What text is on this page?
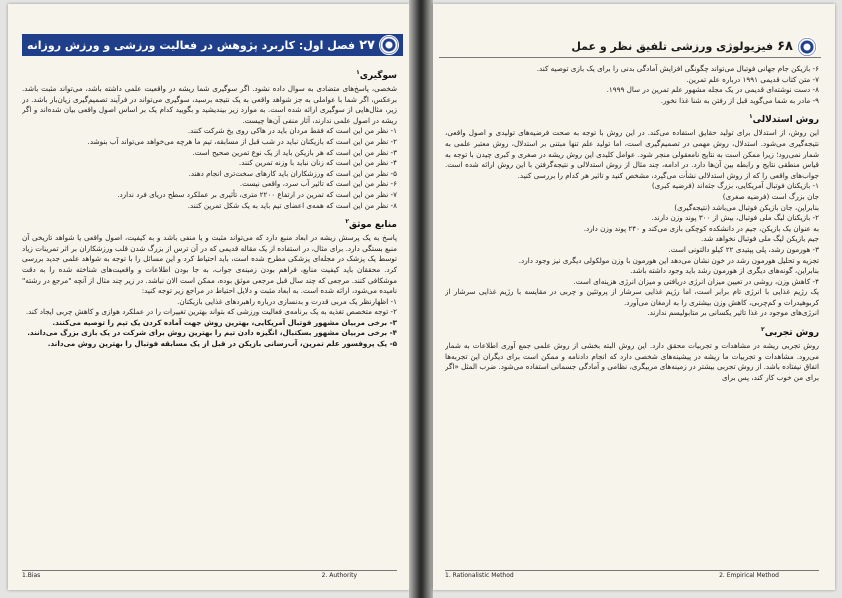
۲۷
فصل اول: کاربرد پژوهش در فعالیت ورزشی و ورزش روزانه
سوگیری$^۱$

شخصی، پاسخ‌های متضادی به سوال داده نشود. اگر سوگیری شما ریشه در واقعیت علمی داشته باشد، می‌تواند مثبت باشد. برعکس، اگر شما با عواملی به جز شواهد واقعی به یک نتیجه برسید، سوگیری می‌تواند در فرآیند تصمیم‌گیری زیان‌بار باشد. در زیر، مثال‌هایی از سوگیری ارائه شده است. به موارد زیر بیندیشید و بگویید کدام یک بر اساس اصول واقعی بیان شده‌اند و اگر ریشه در اصول علمی ندارند، آثار منفی آن‌ها چیست.

۱- نظر من این است که فقط مردان باید در هاکی روی یخ شرکت کنند.

۲- نظر من این است که بازیکنان نباید در شب قبل از مسابقه، تیم ما هرچه می‌خواهد می‌تواند آب بنوشد.

۳- نظر من این است که هر بازیکن باید از یک نوع تمرین صحیح است.

۴- نظر من این است که زنان نباید با وزنه تمرین کنند.

۵- نظر من این است که ورزشکاران باید کارهای سخت‌تری انجام دهند.

۶- نظر من این است که تاثیر آب سرد، واقعی نیست.

۷- نظر من این است که تمرین در ارتفاع ۲۲۰۰ متری، تأثیری بر عملکرد سطح دریای فرد ندارد.

۸- نظر من این است که همه‌ی اعضای تیم باید به یک شکل تمرین کنند.

منابع موثق$^۲$

پاسخ به یک پرسش ریشه در ابعاد منبع دارد که می‌تواند مثبت و یا منفی باشد و به کیفیت، اصول واقعی یا شواهد تاریخی آن منبع بستگی دارد. برای مثال، در استفاده از یک مقاله قدیمی که در آن ترس از بزرگ شدن قلب ورزشکاران بر اثر تمرینات زیاد توسط یک پزشک در مجله‌ای پزشکی مطرح شده است، باید احتیاط کرد و این مسائل را با توجه به شواهد علمی جدید بررسی کرد. محققان باید کیفیت منابع، فراهم بودن زمینه‌ی جواب، به جا بودن اطلاعات و واقعیت‌های شناخته شده را به دقت موشکافی کنند. مرجعی که چند سال قبل مرجعی موثق بوده، ممکن است الان نباشد. در زیر چند مثال از آنچه "مرجع در رشته" نامیده می‌شود، ارائه شده است. به ابعاد مثبت و دلایل احتیاط در مراجع زیر توجه کنید:

۱- اظهارنظر یک مربی قدرت و بدنسازی درباره راهبردهای غذایی بازیکنان.

۲- توجه متخصص تغذیه به یک برنامه‌ی فعالیت ورزشی که بتواند بهترین تغییرات را در عملکرد هوازی و کاهش چربی ایجاد کند.

۳- برخی مربیان مشهور فوتبال آمریکایی، بهترین روش جهت آماده کردن یک تیم را توصیه می‌کنند.

۴- برخی مربیان مشهور بسکتبال، انگیزه دادن تیم را بهترین روش برای شرکت در یک بازی بزرگ می‌دانند.

۵- یک پروفسور علم تمرین، آب‌رسانی بازیکن در قبل از یک مسابقه فوتبال را بهترین روش می‌داند.

1.Bias	2. Authority
۶۸
فیزیولوژی ورزشی تلفیق نظر و عمل

۶- بازیکن جام جهانی فوتبال می‌تواند چگونگی افزایش آمادگی بدنی را برای یک بازی توصیه کند.

۷- متن کتاب قدیمی ۱۹۹۱ درباره علم تمرین.

۸- دست نوشته‌ای قدیمی در یک مجله مشهور علم تمرین در سال ۱۹۹۹.

۹- مادر به شما می‌گوید قبل از رفتن به شنا غذا نخور.

روش استدلالی$^۱$

این روش، از استدلال برای تولید حقایق استفاده می‌کند. در این روش با توجه به صحت فرضیه‌های تولیدی و اصول واقعی، نتیجه‌گیری می‌شود. استدلال، روش مهمی در تصمیم‌گیری است، اما تولید علم تنها مبتنی بر استدلال، روش معتبر علمی به شمار نمی‌رود؛ زیرا ممکن است به نتایج نامعقولی منجر شود. عوامل کلیدی این روش ریشه در صغری و کبری چیدن با توجه به قیاس منطقی نتایج و رابطه بین آن‌ها دارد. در ادامه، چند مثال از روش استدلالی و نتیجه‌گرفتن با این روش ارائه شده است. جواب‌های واقعی را که از روش استدلالی نشأت می‌گیرد، مشخص کنید و تاثیر هر کدام را بررسی کنید.

۱- بازیکنان فوتبال آمریکایی، بزرگ جثه‌اند (فرضیه کبری)

جان بزرگ است (فرضیه صغری)

بنابراین، جان بازیکن فوتبال می‌باشد (نتیجه‌گیری)

۲- بازیکنان لیگ ملی فوتبال، بیش از ۳۰۰ پوند وزن دارند.

به عنوان یک بازیکن، جیم در دانشکده کوچکی بازی می‌کند و ۲۴۰ پوند وزن دارد.

جیم بازیکن لیگ ملی فوتبال نخواهد شد.

۳- هورمون رشد، پلی پپتیدی ۲۲ کیلو دالتونی است.

تجزیه و تحلیل هورمون رشد در خون نشان می‌دهد این هورمون با وزن مولکولی دیگری نیز وجود دارد.

بنابراین، گونه‌های دیگری از هورمون رشد باید وجود داشته باشد.

۴- کاهش وزن، روشی در تعیین میزان انرژی دریافتی و میزان انرژی هزینه‌ای است.

یک رژیم غذایی با انرژی تام برابر است، اما رژیم غذایی سرشار از پروتئین و چربی در مقایسه با رژیم غذایی سرشار از کربوهیدرات و کم‌چربی، کاهش وزن بیشتری را به ارمغان می‌آورد.

انرژی‌های موجود در غذا تاثیر یکسانی بر متابولیسم ندارند.

روش تجربی$^۲$

روش تجربی ریشه در مشاهدات و تجربیات محقق دارد. این روش البته بخشی از روش علمی جمع آوری اطلاعات به شمار می‌رود. مشاهدات و تجربیات ما ریشه در پیشینه‌های شخصی دارد که انجام دادنامه و ممکن است برای دیگران این تجربه‌ها اتفاق نیفتاده باشد. از روش تجربی بیشتر در زمینه‌های مربیگری، نظامی و آمادگی جسمانی استفاده می‌شود. ضرب المثل «اگر برای من خوب کار کند، پس برای

1. Rationalistic Method	2. Empirical Method
